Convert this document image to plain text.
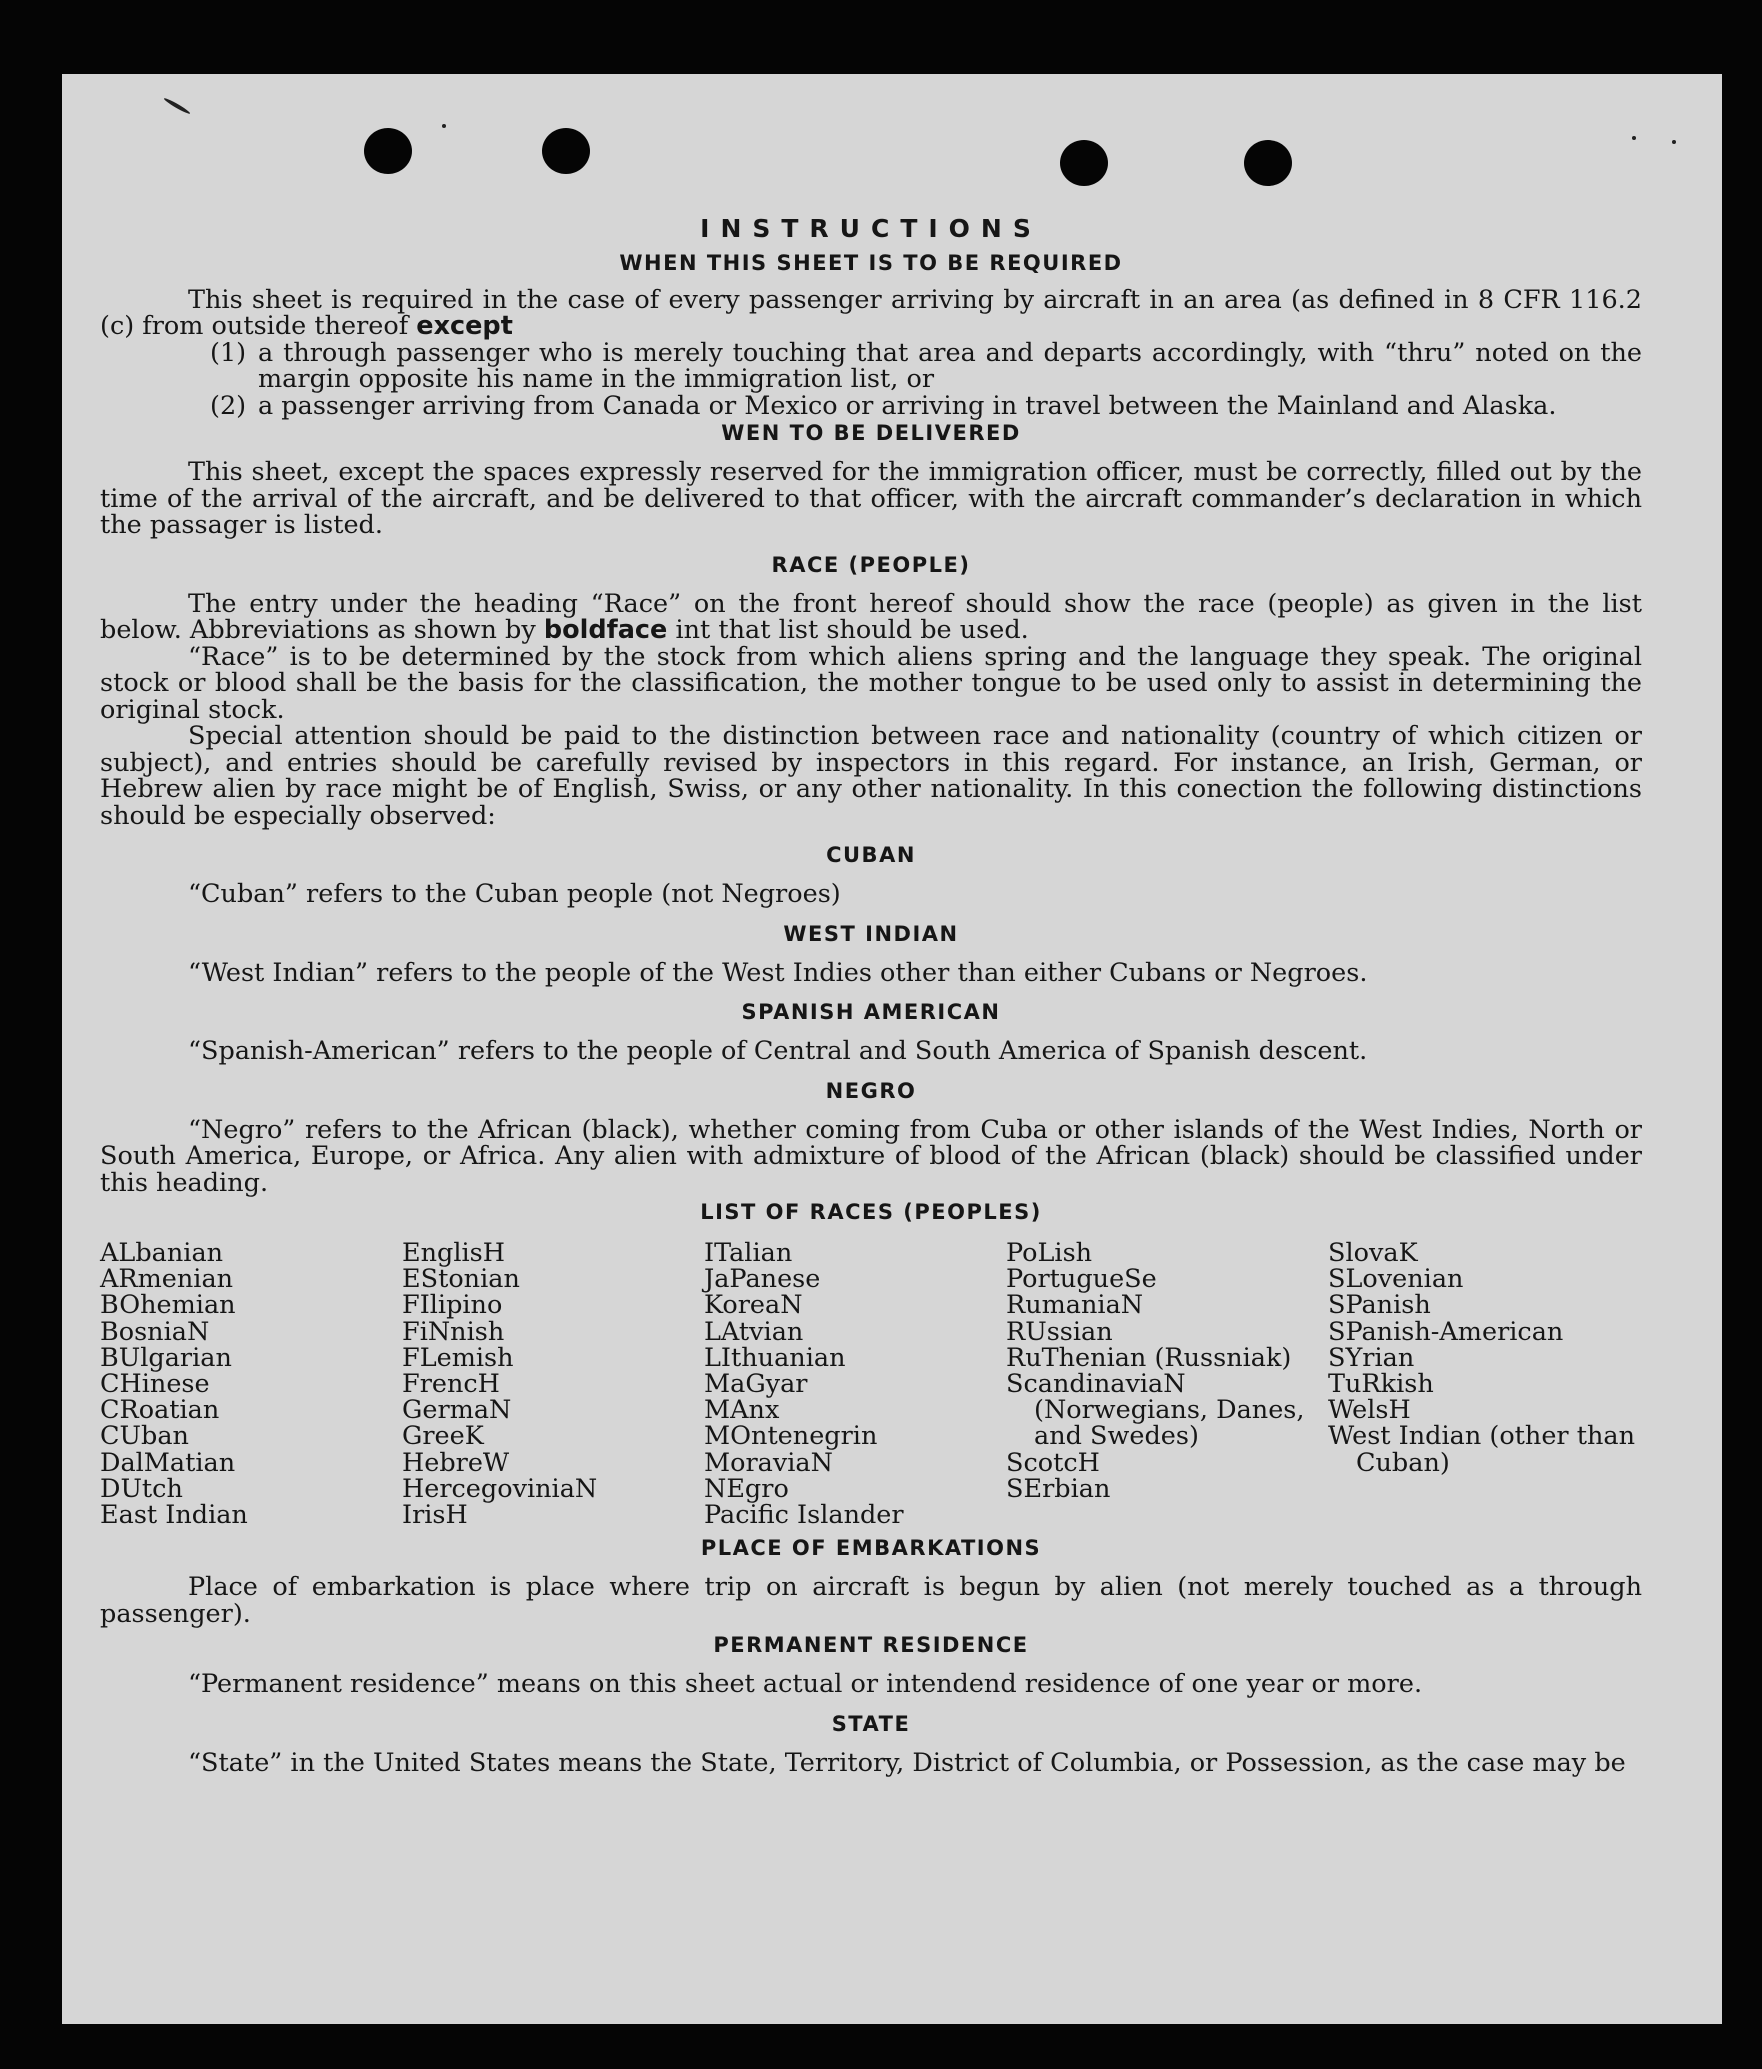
INSTRUCTIONS
WHEN THIS SHEET IS TO BE REQUIRED

This sheet is required in the case of every passenger arriving by aircraft in an area (as defined in 8 CFR 116.2 (c) from outside thereof except

(1) a through passenger who is merely touching that area and departs accordingly, with “thru” noted on the margin opposite his name in the immigration list, or
(2) a passenger arriving from Canada or Mexico or arriving in travel between the Mainland and Alaska.
WEN TO BE DELIVERED

This sheet, except the spaces expressly reserved for the immigration officer, must be correctly, filled out by the time of the arrival of the aircraft, and be delivered to that officer, with the aircraft commander’s declaration in which the passager is listed.

RACE (PEOPLE)

The entry under the heading “Race” on the front hereof should show the race (people) as given in the list below. Abbreviations as shown by boldface int that list should be used.

“Race” is to be determined by the stock from which aliens spring and the language they speak. The original stock or blood shall be the basis for the classification, the mother tongue to be used only to assist in determining the original stock.

Special attention should be paid to the distinction between race and nationality (country of which citizen or subject), and entries should be carefully revised by inspectors in this regard. For instance, an Irish, German, or Hebrew alien by race might be of English, Swiss, or any other nationality. In this conection the following distinctions should be especially observed:

CUBAN

“Cuban” refers to the Cuban people (not Negroes)

WEST INDIAN

“West Indian” refers to the people of the West Indies other than either Cubans or Negroes.

SPANISH AMERICAN

“Spanish-American” refers to the people of Central and South America of Spanish descent.

NEGRO

“Negro” refers to the African (black), whether coming from Cuba or other islands of the West Indies, North or South America, Europe, or Africa. Any alien with admixture of blood of the African (black) should be classified under this heading.

LIST OF RACES (PEOPLES)
ALbanian
ARmenian
BOhemian
BosniaN
BUlgarian
CHinese
CRoatian
CUban
DalMatian
DUtch
East Indian
EnglisH
EStonian
FIlipino
FiNnish
FLemish
FrencH
GermaN
GreeK
HebreW
HercegoviniaN
IrisH
ITalian
JaPanese
KoreaN
LAtvian
LIthuanian
MaGyar
MAnx
MOntenegrin
MoraviaN
NEgro
Pacific Islander
PoLish
PortugueSe
RumaniaN
RUssian
RuThenian (Russniak)
ScandinaviaN (Norwegians, Danes, and Swedes)
ScotcH
SErbian
SlovaK
SLovenian
SPanish
SPanish-American
SYrian
TuRkish
WelsH
West Indian (other than Cuban)
PLACE OF EMBARKATIONS

Place of embarkation is place where trip on aircraft is begun by alien (not merely touched as a through passenger).

PERMANENT RESIDENCE

“Permanent residence” means on this sheet actual or intendend residence of one year or more.

STATE

“State” in the United States means the State, Territory, District of Columbia, or Possession, as the case may be
